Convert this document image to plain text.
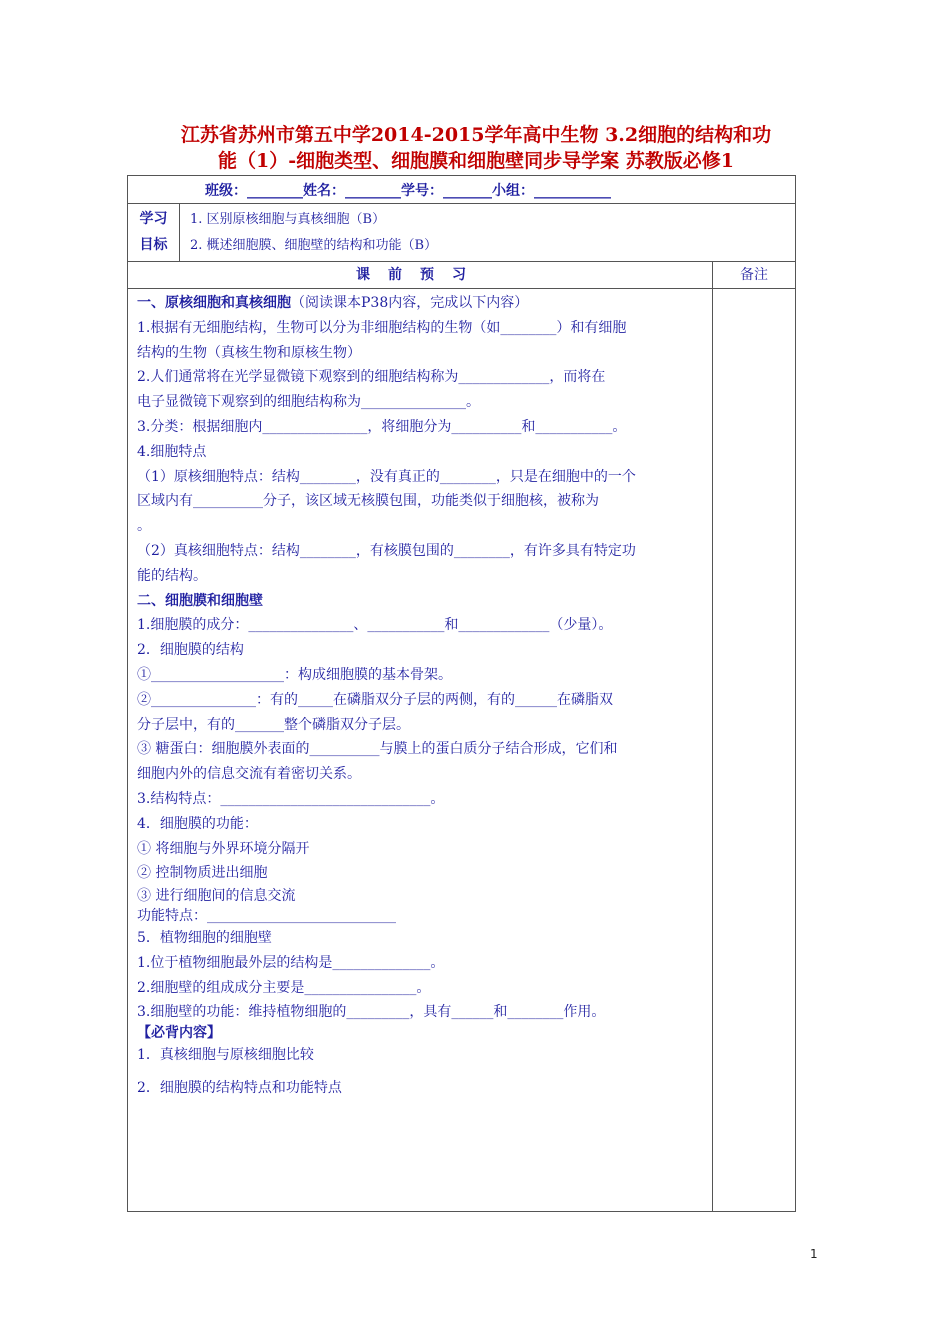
江苏省苏州市第五中学2014-2015学年高中生物 3.2细胞的结构和功
能（1）-细胞类型、细胞膜和细胞壁同步导学案 苏教版必修1
班级：________姓名：________学号：_______小组：___________
学习
目标
1. 区别原核细胞与真核细胞（B）
2. 概述细胞膜、细胞壁的结构和功能（B）
课前预习	备注

一、原核细胞和真核细胞（阅读课本P38内容，完成以下内容）

1.根据有无细胞结构，生物可以分为非细胞结构的生物（如________）和有细胞

结构的生物（真核生物和原核生物）

2.人们通常将在光学显微镜下观察到的细胞结构称为_____________，而将在

电子显微镜下观察到的细胞结构称为_______________。

3.分类：根据细胞内_______________，将细胞分为__________和___________。

4.细胞特点

（1）原核细胞特点：结构________，没有真正的________，只是在细胞中的一个

区域内有__________分子，该区域无核膜包围，功能类似于细胞核，被称为

。

（2）真核细胞特点：结构________，有核膜包围的________，有许多具有特定功

能的结构。

二、细胞膜和细胞壁

1.细胞膜的成分：_______________、___________和_____________（少量）。

2．细胞膜的结构

①___________________：构成细胞膜的基本骨架。

②_______________：有的_____在磷脂双分子层的两侧，有的______在磷脂双

分子层中，有的_______整个磷脂双分子层。

③ 糖蛋白：细胞膜外表面的__________与膜上的蛋白质分子结合形成，它们和

细胞内外的信息交流有着密切关系。

3.结构特点：______________________________。

4．细胞膜的功能：

① 将细胞与外界环境分隔开

② 控制物质进出细胞

③ 进行细胞间的信息交流

功能特点：___________________________

5．植物细胞的细胞壁

1.位于植物细胞最外层的结构是______________。

2.细胞壁的组成成分主要是________________。

3.细胞壁的功能：维持植物细胞的_________，具有______和________作用。

【必背内容】

1．真核细胞与原核细胞比较

2．细胞膜的结构特点和功能特点

1
